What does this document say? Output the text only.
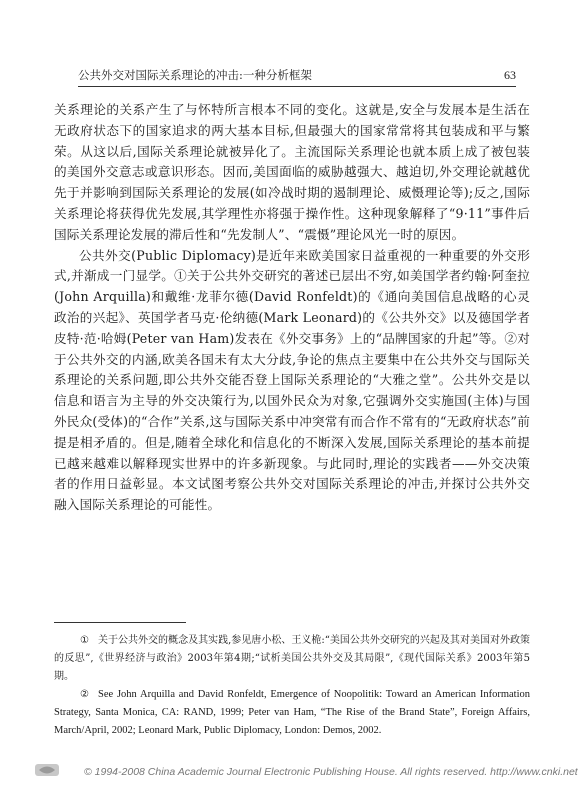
公共外交对国际关系理论的冲击:一种分析框架	63

关系理论的关系产生了与怀特所言根本不同的变化。这就是,安全与发展本是生活在无政府状态下的国家追求的两大基本目标,但最强大的国家常常将其包装成和平与繁荣。从这以后,国际关系理论就被异化了。主流国际关系理论也就本质上成了被包装的美国外交意志或意识形态。因而,美国面临的威胁越强大、越迫切,外交理论就越优先于并影响到国际关系理论的发展(如冷战时期的遏制理论、威慑理论等);反之,国际关系理论将获得优先发展,其学理性亦将强于操作性。这种现象解释了“9·11”事件后国际关系理论发展的滞后性和“先发制人”、“震慑”理论风光一时的原因。

公共外交(Public Diplomacy)是近年来欧美国家日益重视的一种重要的外交形式,并渐成一门显学。①关于公共外交研究的著述已层出不穷,如美国学者约翰·阿奎拉(John Arquilla)和戴维·龙菲尔德(David Ronfeldt)的《通向美国信息战略的心灵政治的兴起》、英国学者马克·伦纳德(Mark Leonard)的《公共外交》以及德国学者皮特·范·哈姆(Peter van Ham)发表在《外交事务》上的“品牌国家的升起”等。②对于公共外交的内涵,欧美各国未有太大分歧,争论的焦点主要集中在公共外交与国际关系理论的关系问题,即公共外交能否登上国际关系理论的“大雅之堂”。公共外交是以信息和语言为主导的外交决策行为,以国外民众为对象,它强调外交实施国(主体)与国外民众(受体)的“合作”关系,这与国际关系中冲突常有而合作不常有的“无政府状态”前提是相矛盾的。但是,随着全球化和信息化的不断深入发展,国际关系理论的基本前提已越来越难以解释现实世界中的许多新现象。与此同时,理论的实践者——外交决策者的作用日益彰显。本文试图考察公共外交对国际关系理论的冲击,并探讨公共外交融入国际关系理论的可能性。

① 关于公共外交的概念及其实践,参见唐小松、王义桅:“美国公共外交研究的兴起及其对美国对外政策的反思”,《世界经济与政治》2003年第4期;“试析美国公共外交及其局限”,《现代国际关系》2003年第5期。

② See John Arquilla and David Ronfeldt, Emergence of Noopolitik: Toward an American Information Strategy, Santa Monica, CA: RAND, 1999; Peter van Ham, “The Rise of the Brand State”, Foreign Affairs, March/April, 2002; Leonard Mark, Public Diplomacy, London: Demos, 2002.

© 1994-2008 China Academic Journal Electronic Publishing House. All rights reserved. http://www.cnki.net
